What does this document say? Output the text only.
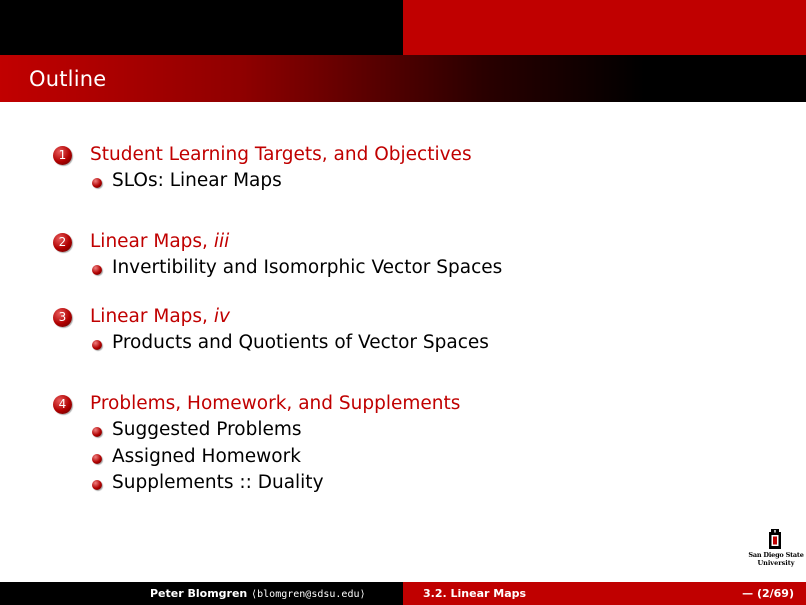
Outline
1	Student Learning Targets, and Objectives
SLOs: Linear Maps
2	Linear Maps, iii
Invertibility and Isomorphic Vector Spaces
3	Linear Maps, iv
Products and Quotients of Vector Spaces
4	Problems, Homework, and Supplements
Suggested Problems
Assigned Homework
Supplements :: Duality
San Diego State
University
Peter Blomgren ⟨blomgren@sdsu.edu⟩	3.2. Linear Maps	— (2/69)
